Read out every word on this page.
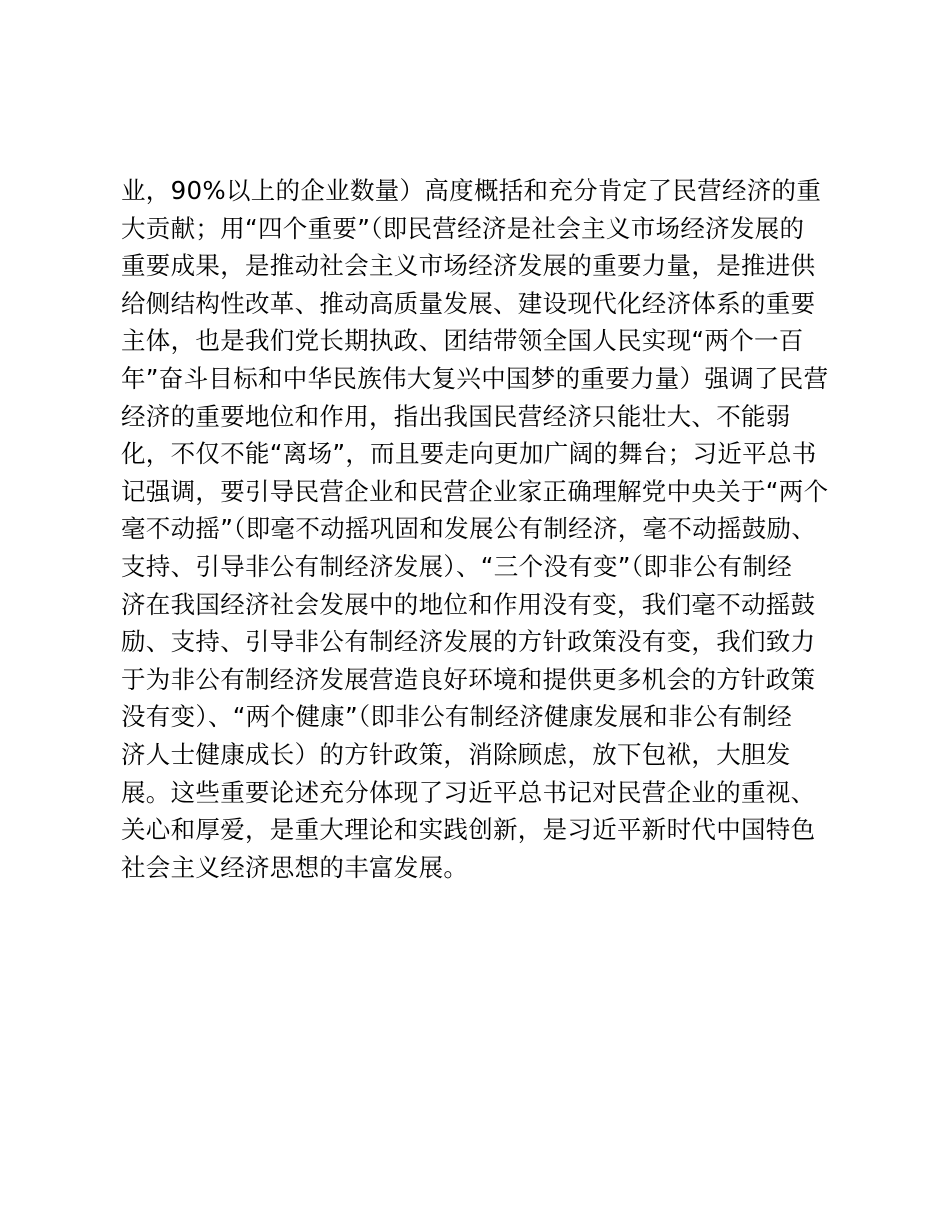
业，90%以上的企业数量）高度概括和充分肯定了民营经济的重
大贡献；用“四个重要”（即民营经济是社会主义市场经济发展的
重要成果，是推动社会主义市场经济发展的重要力量，是推进供
给侧结构性改革、推动高质量发展、建设现代化经济体系的重要
主体，也是我们党长期执政、团结带领全国人民实现“两个一百
年”奋斗目标和中华民族伟大复兴中国梦的重要力量）强调了民营
经济的重要地位和作用，指出我国民营经济只能壮大、不能弱
化，不仅不能“离场”，而且要走向更加广阔的舞台；习近平总书
记强调，要引导民营企业和民营企业家正确理解党中央关于“两个
毫不动摇”（即毫不动摇巩固和发展公有制经济，毫不动摇鼓励、
支持、引导非公有制经济发展）、“三个没有变”（即非公有制经
济在我国经济社会发展中的地位和作用没有变，我们毫不动摇鼓
励、支持、引导非公有制经济发展的方针政策没有变，我们致力
于为非公有制经济发展营造良好环境和提供更多机会的方针政策
没有变）、“两个健康”（即非公有制经济健康发展和非公有制经
济人士健康成长）的方针政策，消除顾虑，放下包袱，大胆发
展。这些重要论述充分体现了习近平总书记对民营企业的重视、
关心和厚爱，是重大理论和实践创新，是习近平新时代中国特色
社会主义经济思想的丰富发展。
